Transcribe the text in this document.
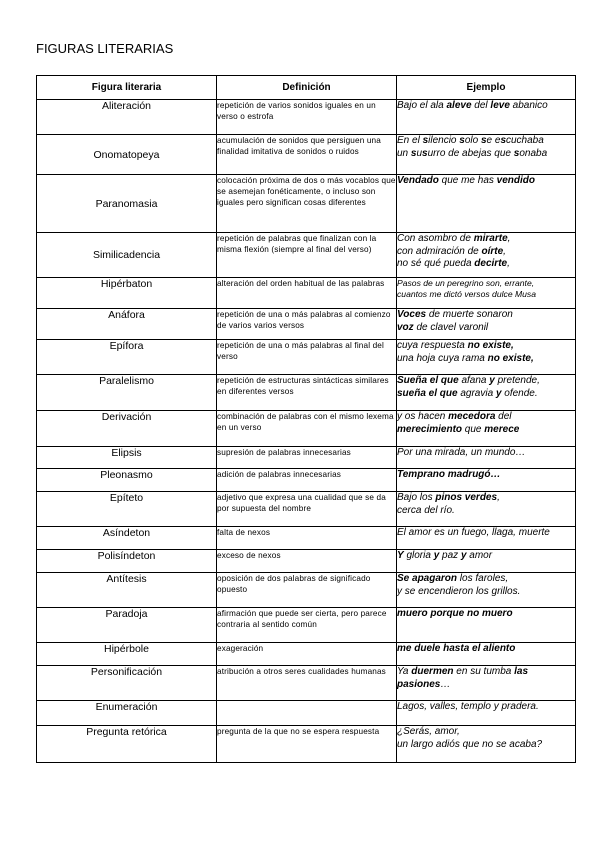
FIGURAS LITERARIAS
Figura literaria	Definición	Ejemplo
Aliteración	repetición de varios sonidos iguales en un verso o estrofa	Bajo el ala aleve del leve abanico

Onomatopeya	acumulación de sonidos que persiguen una finalidad imitativa de sonidos o ruidos	En el silencio solo se escuchaba
un susurro de abejas que sonaba

Paranomasia	colocación próxima de dos o más vocablos que se asemejan fonéticamente, o incluso son iguales pero significan cosas diferentes	Vendado que me has vendido

Similicadencia	repetición de palabras que finalizan con la misma flexión (siempre al final del verso)	Con asombro de mirarte,
con admiración de oírte,
no sé qué pueda decirte,

Hipérbaton	alteración del orden habitual de las palabras	Pasos de un peregrino son, errante,
cuantos me dictó versos dulce Musa

Anáfora	repetición de una o más palabras al comienzo de varios varios versos	Voces de muerte sonaron
voz de clavel varonil

Epífora	repetición de una o más palabras al final del verso	cuya respuesta no existe,
una hoja cuya rama no existe,

Paralelismo	repetición de estructuras sintácticas similares en diferentes versos	Sueña el que afana y pretende,
sueña el que agravia y ofende.

Derivación	combinación de palabras con el mismo lexema en un verso	y os hacen mecedora del
merecimiento que merece

Elipsis	supresión de palabras innecesarias	Por una mirada, un mundo…

Pleonasmo	adición de palabras innecesarias	Temprano madrugó…

Epíteto	adjetivo que expresa una cualidad que se da por supuesta del nombre	Bajo los pinos verdes,
cerca del río.

Asíndeton	falta de nexos	El amor es un fuego, llaga, muerte

Polisíndeton	exceso de nexos	Y gloria y paz y amor

Antítesis	oposición de dos palabras de significado opuesto	Se apagaron los faroles,
y se encendieron los grillos.

Paradoja	afirmación que puede ser cierta, pero parece contraria al sentido común	muero porque no muero

Hipérbole	exageración	me duele hasta el aliento

Personificación	atribución a otros seres cualidades humanas	Ya duermen en su tumba las
pasiones…

Enumeración		Lagos, valles, templo y pradera.

Pregunta retórica	pregunta de la que no se espera respuesta	¿Serás, amor,
un largo adiós que no se acaba?
